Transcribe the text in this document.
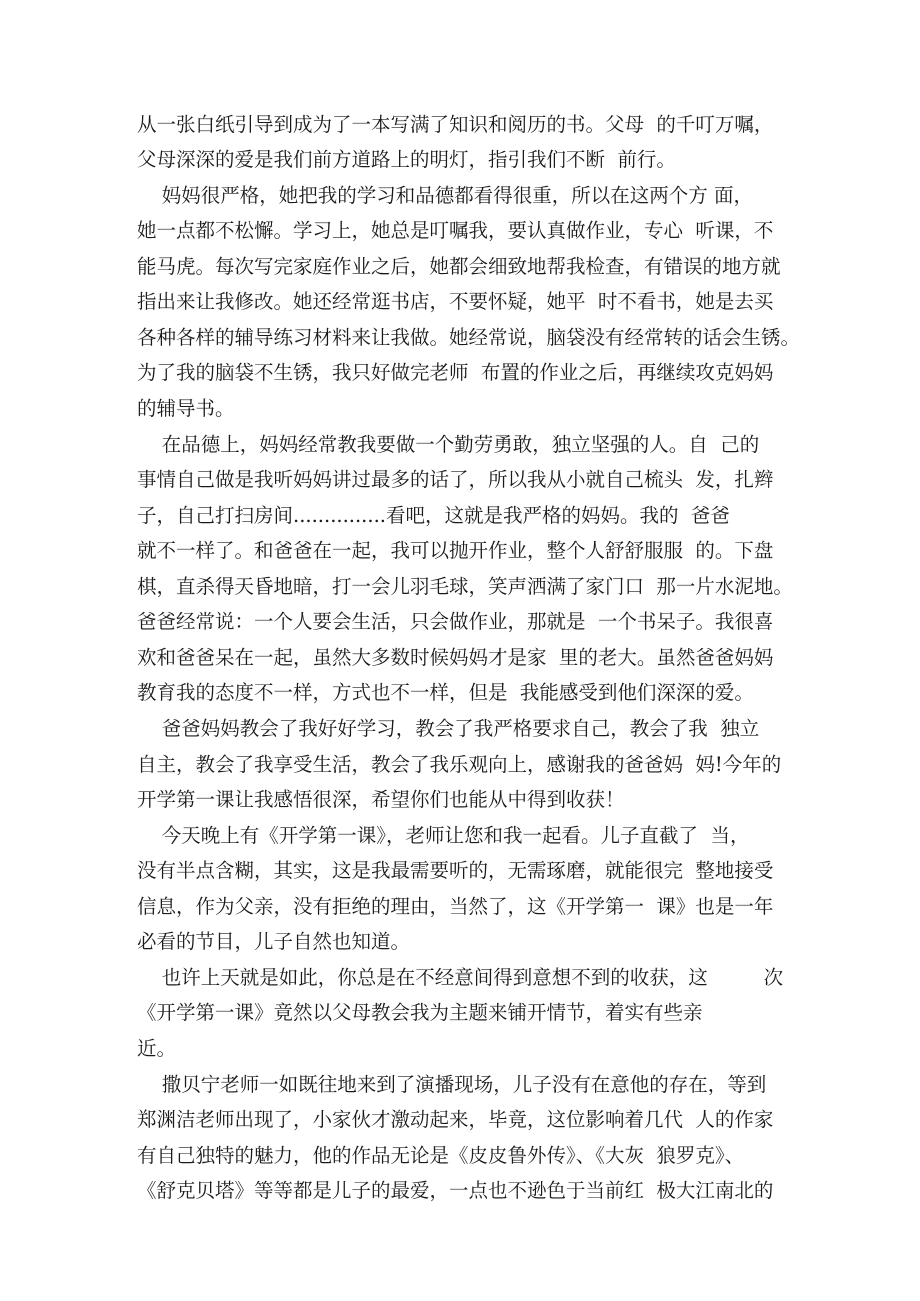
从一张白纸引导到成为了一本写满了知识和阅历的书。父母  的千叮万嘱，
父母深深的爱是我们前方道路上的明灯，指引我们不断  前行。
妈妈很严格，她把我的学习和品德都看得很重，所以在这两个方 面，
她一点都不松懈。学习上，她总是叮嘱我，要认真做作业，专心  听课，不
能马虎。每次写完家庭作业之后，她都会细致地帮我检查，有错误的地方就
指出来让我修改。她还经常逛书店，不要怀疑，她平  时不看书，她是去买
各种各样的辅导练习材料来让我做。她经常说，脑袋没有经常转的话会生锈。
为了我的脑袋不生锈，我只好做完老师  布置的作业之后，再继续攻克妈妈
的辅导书。
在品德上，妈妈经常教我要做一个勤劳勇敢，独立坚强的人。自  己的
事情自己做是我听妈妈讲过最多的话了，所以我从小就自己梳头  发，扎辫
子，自己打扫房间...............看吧，这就是我严格的妈妈。我的  爸爸
就不一样了。和爸爸在一起，我可以抛开作业，整个人舒舒服服  的。下盘
棋，直杀得天昏地暗，打一会儿羽毛球，笑声洒满了家门口  那一片水泥地。
爸爸经常说：一个人要会生活，只会做作业，那就是  一个书呆子。我很喜
欢和爸爸呆在一起，虽然大多数时候妈妈才是家  里的老大。虽然爸爸妈妈
教育我的态度不一样，方式也不一样，但是  我能感受到他们深深的爱。
爸爸妈妈教会了我好好学习，教会了我严格要求自己，教会了我  独立
自主，教会了我享受生活，教会了我乐观向上，感谢我的爸爸妈  妈!今年的
开学第一课让我感悟很深，希望你们也能从中得到收获！
今天晚上有《开学第一课》，老师让您和我一起看。儿子直截了  当，
没有半点含糊，其实，这是我最需要听的，无需琢磨，就能很完  整地接受
信息，作为父亲，没有拒绝的理由，当然了，这《开学第一  课》也是一年
必看的节目，儿子自然也知道。
也许上天就是如此，你总是在不经意间得到意想不到的收获，这         次
《开学第一课》竟然以父母教会我为主题来铺开情节，着实有些亲
近。
撒贝宁老师一如既往地来到了演播现场，儿子没有在意他的存在，等到
郑渊洁老师出现了，小家伙才激动起来，毕竟，这位影响着几代  人的作家
有自己独特的魅力，他的作品无论是《皮皮鲁外传》、《大灰  狼罗克》、
《舒克贝塔》等等都是儿子的最爱，一点也不逊色于当前红  极大江南北的
